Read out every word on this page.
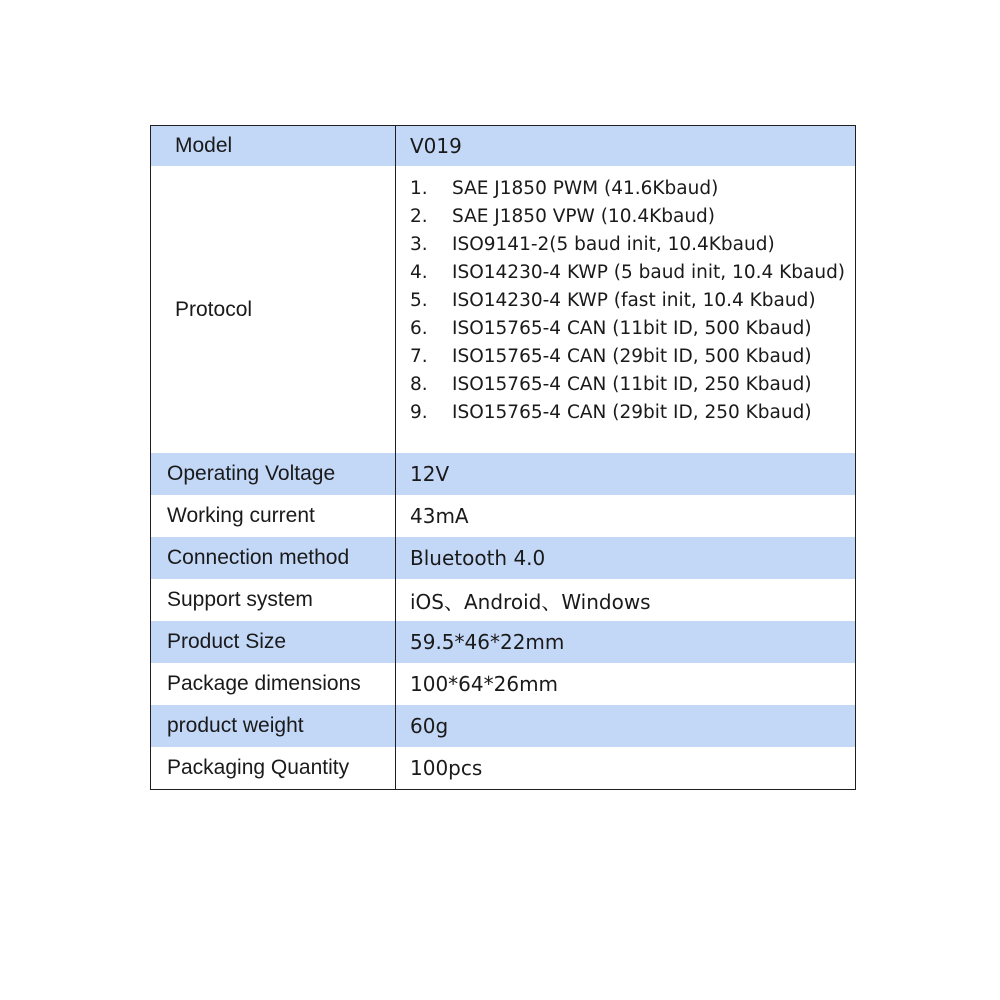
Model	V019
Protocol
1.	SAE J1850 PWM (41.6Kbaud)
2.	SAE J1850 VPW (10.4Kbaud)
3.	ISO9141-2(5 baud init, 10.4Kbaud)
4.	ISO14230-4 KWP (5 baud init, 10.4 Kbaud)
5.	ISO14230-4 KWP (fast init, 10.4 Kbaud)
6.	ISO15765-4 CAN (11bit ID, 500 Kbaud)
7.	ISO15765-4 CAN (29bit ID, 500 Kbaud)
8.	ISO15765-4 CAN (11bit ID, 250 Kbaud)
9.	ISO15765-4 CAN (29bit ID, 250 Kbaud)
Operating Voltage	12V
Working current	43mA
Connection method	Bluetooth 4.0
Support system	iOS、Android、Windows
Product Size	59.5*46*22mm
Package dimensions	100*64*26mm
product weight	60g
Packaging Quantity	100pcs
